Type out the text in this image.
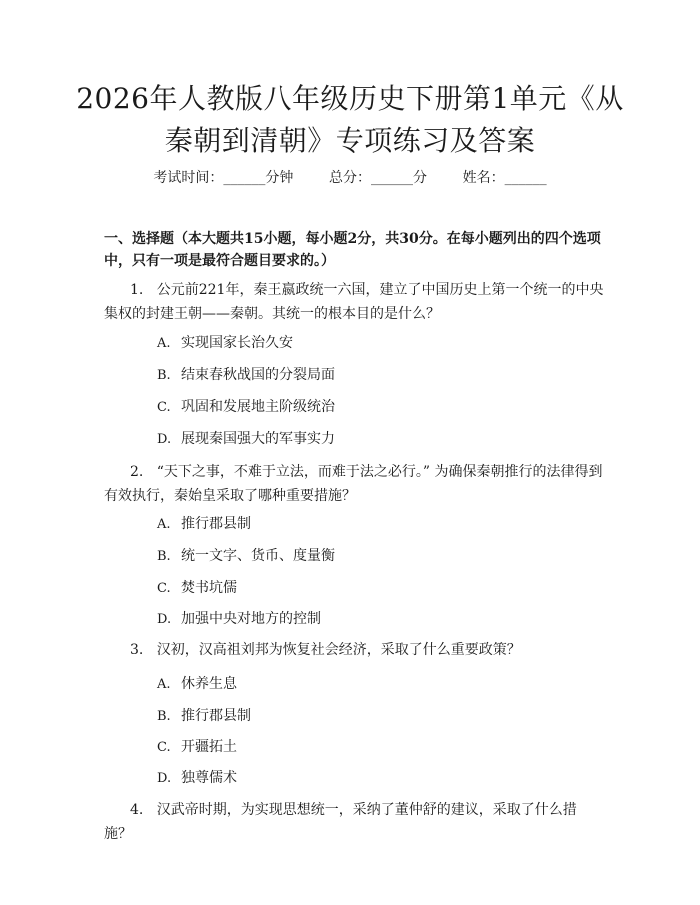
2026年人教版八年级历史下册第1单元《从
秦朝到清朝》专项练习及答案
考试时间：______分钟	总分：______分	姓名：______
一、选择题（本大题共15小题，每小题2分，共30分。在每小题列出的四个选项中，只有一项是最符合题目要求的。）
1. 公元前221年，秦王嬴政统一六国，建立了中国历史上第一个统一的中央集权的封建王朝——秦朝。其统一的根本目的是什么？
A. 实现国家长治久安
B. 结束春秋战国的分裂局面
C. 巩固和发展地主阶级统治
D. 展现秦国强大的军事实力
2. “天下之事，不难于立法，而难于法之必行。” 为确保秦朝推行的法律得到有效执行，秦始皇采取了哪种重要措施？
A. 推行郡县制
B. 统一文字、货币、度量衡
C. 焚书坑儒
D. 加强中央对地方的控制
3. 汉初，汉高祖刘邦为恢复社会经济，采取了什么重要政策？
A. 休养生息
B. 推行郡县制
C. 开疆拓土
D. 独尊儒术
4. 汉武帝时期，为实现思想统一，采纳了董仲舒的建议，采取了什么措施？
